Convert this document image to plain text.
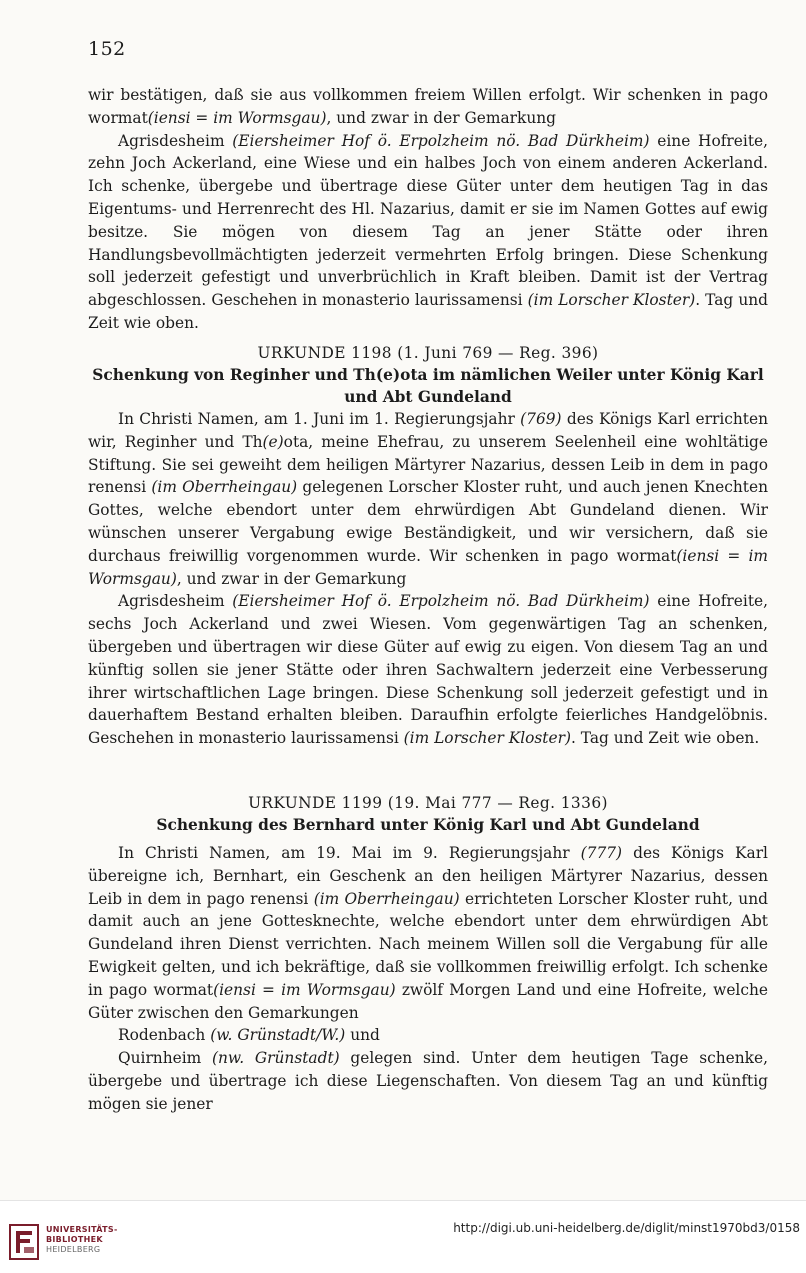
152

wir bestätigen, daß sie aus vollkommen freiem Willen erfolgt. Wir schenken in pago wormat(iensi = im Wormsgau), und zwar in der Gemarkung

Agrisdesheim (Eiersheimer Hof ö. Erpolzheim nö. Bad Dürkheim) eine Hofreite, zehn Joch Ackerland, eine Wiese und ein halbes Joch von einem anderen Ackerland. Ich schenke, übergebe und übertrage diese Güter unter dem heutigen Tag in das Eigentums- und Herrenrecht des Hl. Nazarius, damit er sie im Namen Gottes auf ewig besitze. Sie mögen von diesem Tag an jener Stätte oder ihren Handlungsbevollmächtigten jederzeit vermehrten Erfolg bringen. Diese Schenkung soll jederzeit gefestigt und unverbrüchlich in Kraft bleiben. Damit ist der Vertrag abgeschlossen. Geschehen in monasterio laurissamensi (im Lorscher Kloster). Tag und Zeit wie oben.

URKUNDE 1198 (1. Juni 769 — Reg. 396)
Schenkung von Reginher und Th(e)ota im nämlichen Weiler unter König Karl
und Abt Gundeland

In Christi Namen, am 1. Juni im 1. Regierungsjahr (769) des Königs Karl errichten wir, Reginher und Th(e)ota, meine Ehefrau, zu unserem Seelenheil eine wohltätige Stiftung. Sie sei geweiht dem heiligen Märtyrer Nazarius, dessen Leib in dem in pago renensi (im Oberrheingau) gelegenen Lorscher Kloster ruht, und auch jenen Knechten Gottes, welche ebendort unter dem ehrwürdigen Abt Gundeland dienen. Wir wünschen unserer Vergabung ewige Beständigkeit, und wir versichern, daß sie durchaus freiwillig vorgenommen wurde. Wir schenken in pago wormat(iensi = im Wormsgau), und zwar in der Gemarkung

Agrisdesheim (Eiersheimer Hof ö. Erpolzheim nö. Bad Dürkheim) eine Hofreite, sechs Joch Ackerland und zwei Wiesen. Vom gegenwärtigen Tag an schenken, übergeben und übertragen wir diese Güter auf ewig zu eigen. Von diesem Tag an und künftig sollen sie jener Stätte oder ihren Sachwaltern jederzeit eine Verbesserung ihrer wirtschaftlichen Lage bringen. Diese Schenkung soll jederzeit gefestigt und in dauerhaftem Bestand erhalten bleiben. Daraufhin erfolgte feierliches Handgelöbnis. Geschehen in monasterio laurissamensi (im Lorscher Kloster). Tag und Zeit wie oben.

URKUNDE 1199 (19. Mai 777 — Reg. 1336)
Schenkung des Bernhard unter König Karl und Abt Gundeland

In Christi Namen, am 19. Mai im 9. Regierungsjahr (777) des Königs Karl übereigne ich, Bernhart, ein Geschenk an den heiligen Märtyrer Nazarius, dessen Leib in dem in pago renensi (im Oberrheingau) errichteten Lorscher Kloster ruht, und damit auch an jene Gottesknechte, welche ebendort unter dem ehrwürdigen Abt Gundeland ihren Dienst verrichten. Nach meinem Willen soll die Vergabung für alle Ewigkeit gelten, und ich bekräftige, daß sie vollkommen freiwillig erfolgt. Ich schenke in pago wormat(iensi = im Wormsgau) zwölf Morgen Land und eine Hofreite, welche Güter zwischen den Gemarkungen

Rodenbach (w. Grünstadt/W.) und

Quirnheim (nw. Grünstadt) gelegen sind. Unter dem heutigen Tage schenke, übergebe und übertrage ich diese Liegenschaften. Von diesem Tag an und künftig mögen sie jener

UNIVERSITÄTS-
BIBLIOTHEK
HEIDELBERG
http://digi.ub.uni-heidelberg.de/diglit/minst1970bd3/0158
